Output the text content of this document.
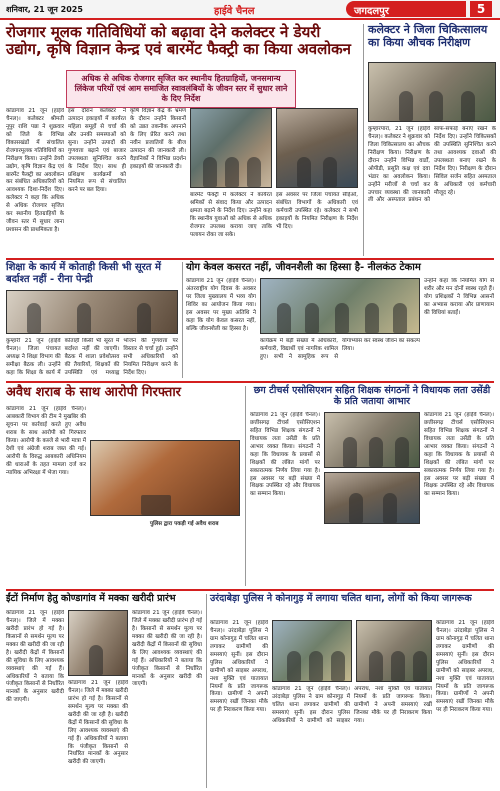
शनिवार, 21 जून 2025	हाईवे चैनल	जगदलपुर	5
रोजगार मूलक गतिविधियों को बढ़ावा देने कलेक्टर ने डेयरी उद्योग, कृषि विज्ञान केन्द्र एवं बारमेंट फैक्ट्री का किया अवलोकन
अधिक से अधिक रोजगार सृजित कर स्थानीय हितग्राहियों, जनसमान्य लिंकेज परियों एवं आम समाजित स्वावलंबियों के जीवन स्तर में सुधार लाने के दिए निर्देश
कोंडागांव 21 जून (हाईवे चैनल)। कलेक्टर श्रीमती नूपुर राशि पन्ना ने शुक्रवार को जिले के विभिन्न विकासखंडों में संचालित रोजगारमूलक गतिविधियों का निरीक्षण किया। उन्होंने डेयरी उद्योग, कृषि विज्ञान केंद्र एवं बारमेंट फैक्ट्री का अवलोकन कर संबंधित अधिकारियों को आवश्यक दिशा-निर्देश दिए। कलेक्टर ने कहा कि अधिक से अधिक रोजगार सृजित कर स्थानीय हितग्राहियों के जीवन स्तर में सुधार लाना प्रशासन की प्राथमिकता है।
इस दौरान कलेक्टर ने उत्पादन इकाइयों में कार्यरत महिला समूहों से चर्चा की और उनकी समस्याओं को सुना। उन्होंने उत्पादों की गुणवत्ता बढ़ाने एवं बाजार उपलब्धता सुनिश्चित करने के निर्देश दिए। साथ ही प्रशिक्षण कार्यक्रमों को नियमित रूप से संचालित करने पर बल दिया।
कृषि विज्ञान केंद्र के भ्रमण के दौरान उन्होंने किसानों को उन्नत तकनीक अपनाने के लिए प्रेरित करने तथा नवीन प्रजातियों के बीज उत्पादन की जानकारी ली। वैज्ञानिकों ने विभिन्न प्रदर्शन इकाइयों की जानकारी दी।
बारमेंट फैक्ट्री में कलेक्टर ने कार्यरत श्रमिकों से संवाद किया और उत्पादन क्षमता बढ़ाने के निर्देश दिए। उन्होंने कहा कि स्थानीय युवाओं को अधिक से अधिक रोजगार उपलब्ध कराया जाए ताकि पलायन रोका जा सके।
इस अवसर पर जिला पंचायत सीईओ, संबंधित विभागों के अधिकारी एवं कर्मचारी उपस्थित रहे। कलेक्टर ने सभी इकाइयों के नियमित निरीक्षण के निर्देश भी दिए।
कलेक्टर ने जिला चिकित्सालय का किया औचक निरीक्षण
कुम्हारपारा, 21 जून (हाईवे चैनल)। कलेक्टर ने शुक्रवार को जिला चिकित्सालय का औचक निरीक्षण किया। निरीक्षण के दौरान उन्होंने विभिन्न वार्डों, ओपीडी, प्रसूति कक्ष एवं दवा भंडार का अवलोकन किया। उन्होंने मरीजों से चर्चा कर उपचार व्यवस्था की जानकारी ली और अस्पताल प्रबंधन को साफ-सफाई बनाए रखने के निर्देश दिए। उन्होंने चिकित्सकों की उपस्थिति सुनिश्चित करने तथा आवश्यक दवाओं की उपलब्धता बनाए रखने के निर्देश दिए। निरीक्षण के दौरान सिविल सर्जन सहित अस्पताल के अधिकारी एवं कर्मचारी मौजूद रहे।
शिक्षा के कार्य में कोताही किसी भी सूरत में बर्दाश्त नहीं - रीना पेन्द्री
कुम्हारी 21 जून (हाईवे चैनल)। जिला पंचायत अध्यक्ष ने शिक्षा विभाग की समीक्षा बैठक ली। उन्होंने कहा कि शिक्षा के कार्य में कोताही किसी भी सूरत में बर्दाश्त नहीं की जाएगी। बैठक में शाला प्रवेशोत्सव की तैयारियों, शिक्षकों की उपस्थिति एवं मध्याह्न भोजन की गुणवत्ता पर विस्तार से चर्चा हुई। उन्होंने सभी अधिकारियों को नियमित निरीक्षण करने के निर्देश दिए।
योग केवल कसरत नहीं, जीवनशैली का हिस्सा है- नीलकंठ टेकाम
कोंडागांव 21 जून (हाईवे चैनल)। अंतरराष्ट्रीय योग दिवस के अवसर पर जिला मुख्यालय में भव्य योग शिविर का आयोजन किया गया। इस अवसर पर मुख्य अतिथि ने कहा कि योग केवल कसरत नहीं, बल्कि जीवनशैली का हिस्सा है।
कार्यक्रम में बड़ी संख्या में अधिकारी, कर्मचारी, विद्यार्थी एवं नागरिक शामिल हुए। सभी ने सामूहिक रूप से योगाभ्यास कर स्वस्थ जीवन का संकल्प लिया।
उन्होंने कहा कि नियमित योग से शरीर और मन दोनों स्वस्थ रहते हैं। योग प्रशिक्षकों ने विभिन्न आसनों का अभ्यास कराया और प्राणायाम की विधियां बताईं।
अवैध शराब के साथ आरोपी गिरफ्तार
कोंडागांव 21 जून (हाईवे चैनल)। आबकारी विभाग की टीम ने मुखबिर की सूचना पर कार्रवाई करते हुए अवैध शराब के साथ आरोपी को गिरफ्तार किया। आरोपी के कब्जे से भारी मात्रा में देशी एवं अंग्रेजी शराब जब्त की गई। आरोपी के विरुद्ध आबकारी अधिनियम की धाराओं के तहत मामला दर्ज कर न्यायिक अभिरक्षा में भेजा गया।
पुलिस द्वारा पकड़ी गई अवैध शराब
छग टीचर्स एसोसिएशन सहित शिक्षक संगठनों ने विधायक लता उसेंडी के प्रति जताया आभार
कोंडागांव 21 जून (हाईवे चैनल)। छत्तीसगढ़ टीचर्स एसोसिएशन सहित विभिन्न शिक्षक संगठनों ने विधायक लता उसेंडी के प्रति आभार व्यक्त किया। संगठनों ने कहा कि विधायक के प्रयासों से शिक्षकों की लंबित मांगों पर सकारात्मक निर्णय लिया गया है। इस अवसर पर बड़ी संख्या में शिक्षक उपस्थित रहे और विधायक का सम्मान किया।
कोंडागांव 21 जून (हाईवे चैनल)। छत्तीसगढ़ टीचर्स एसोसिएशन सहित विभिन्न शिक्षक संगठनों ने विधायक लता उसेंडी के प्रति आभार व्यक्त किया। संगठनों ने कहा कि विधायक के प्रयासों से शिक्षकों की लंबित मांगों पर सकारात्मक निर्णय लिया गया है। इस अवसर पर बड़ी संख्या में शिक्षक उपस्थित रहे और विधायक का सम्मान किया।
ईंटों निर्माण हेतु कोण्डागांव में मक्का खरीदी प्रारंभ
कोंडागांव 21 जून (हाईवे चैनल)। जिले में मक्का खरीदी प्रारंभ हो गई है। किसानों से समर्थन मूल्य पर मक्का की खरीदी की जा रही है। खरीदी केंद्रों में किसानों की सुविधा के लिए आवश्यक व्यवस्थाएं की गई हैं। अधिकारियों ने बताया कि पंजीकृत किसानों से निर्धारित मानकों के अनुसार खरीदी की जाएगी।
कोंडागांव 21 जून (हाईवे चैनल)। जिले में मक्का खरीदी प्रारंभ हो गई है। किसानों से समर्थन मूल्य पर मक्का की खरीदी की जा रही है। खरीदी केंद्रों में किसानों की सुविधा के लिए आवश्यक व्यवस्थाएं की गई हैं। अधिकारियों ने बताया कि पंजीकृत किसानों से निर्धारित मानकों के अनुसार खरीदी की जाएगी।
कोंडागांव 21 जून (हाईवे चैनल)। जिले में मक्का खरीदी प्रारंभ हो गई है। किसानों से समर्थन मूल्य पर मक्का की खरीदी की जा रही है। खरीदी केंद्रों में किसानों की सुविधा के लिए आवश्यक व्यवस्थाएं की गई हैं। अधिकारियों ने बताया कि पंजीकृत किसानों से निर्धारित मानकों के अनुसार खरीदी की जाएगी।
उरंदाबेड़ा पुलिस ने कोनागुड़ में लगाया चलित थाना, लोगों को किया जागरूक
कोंडागांव 21 जून (हाईवे चैनल)। उरंदाबेड़ा पुलिस ने ग्राम कोनागुड़ में चलित थाना लगाकर ग्रामीणों की समस्याएं सुनीं। इस दौरान पुलिस अधिकारियों ने ग्रामीणों को साइबर अपराध, नशा मुक्ति एवं यातायात नियमों के प्रति जागरूक किया। ग्रामीणों ने अपनी समस्याएं रखीं जिनका मौके पर ही निराकरण किया गया।
कोंडागांव 21 जून (हाईवे चैनल)। उरंदाबेड़ा पुलिस ने ग्राम कोनागुड़ में चलित थाना लगाकर ग्रामीणों की समस्याएं सुनीं। इस दौरान पुलिस अधिकारियों ने ग्रामीणों को साइबर अपराध, नशा मुक्ति एवं यातायात नियमों के प्रति जागरूक किया। ग्रामीणों ने अपनी समस्याएं रखीं जिनका मौके पर ही निराकरण किया गया।
कोंडागांव 21 जून (हाईवे चैनल)। उरंदाबेड़ा पुलिस ने ग्राम कोनागुड़ में चलित थाना लगाकर ग्रामीणों की समस्याएं सुनीं। इस दौरान पुलिस अधिकारियों ने ग्रामीणों को साइबर अपराध, नशा मुक्ति एवं यातायात नियमों के प्रति जागरूक किया। ग्रामीणों ने अपनी समस्याएं रखीं जिनका मौके पर ही निराकरण किया गया।
